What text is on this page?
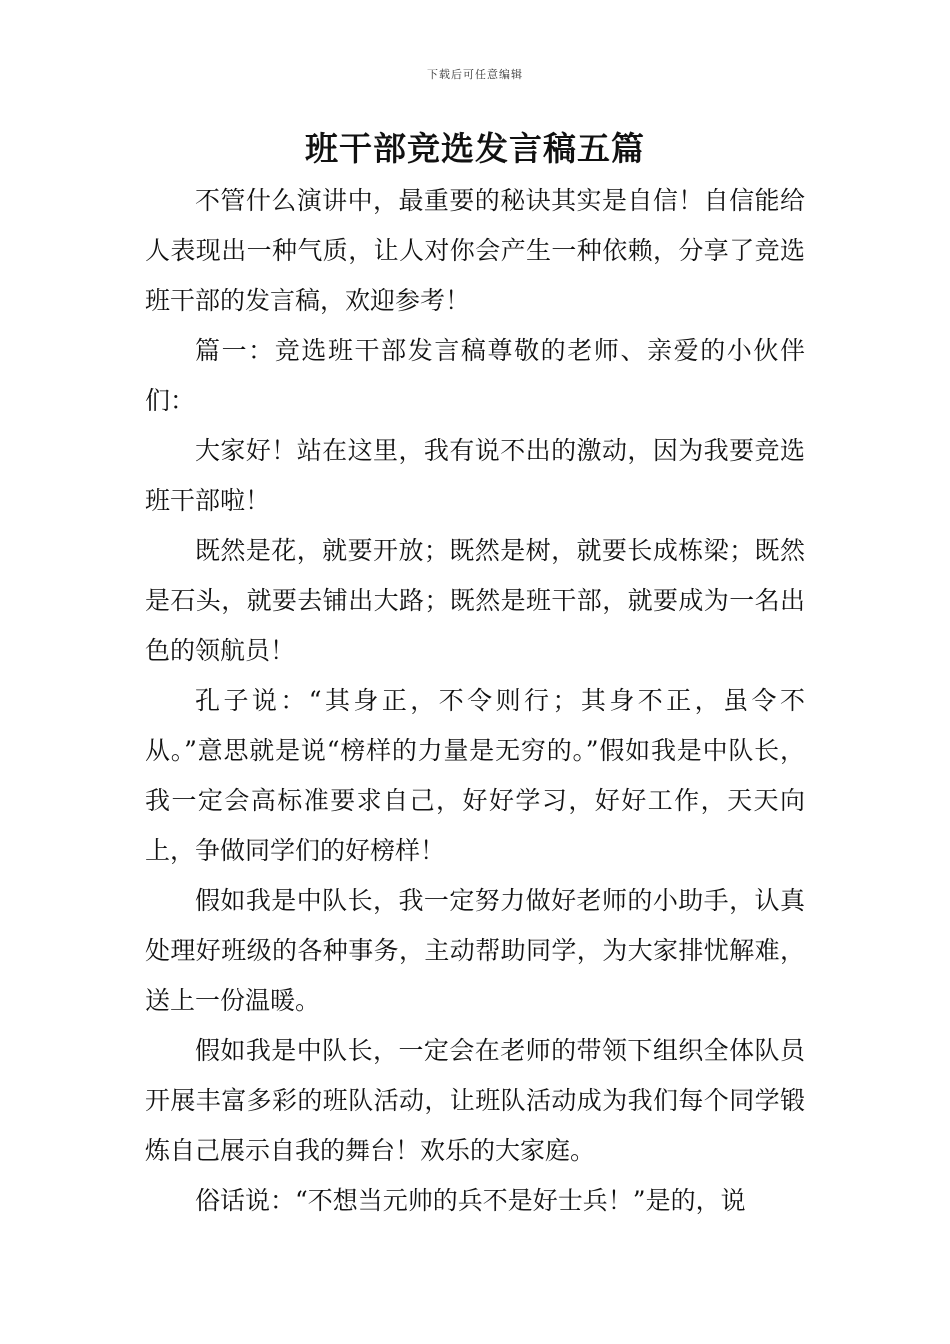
下载后可任意编辑
班干部竞选发言稿五篇

不管什么演讲中，最重要的秘诀其实是自信！自信能给人表现出一种气质，让人对你会产生一种依赖，分享了竞选班干部的发言稿，欢迎参考！

篇一：竞选班干部发言稿尊敬的老师、亲爱的小伙伴们：

大家好！站在这里，我有说不出的激动，因为我要竞选班干部啦！

既然是花，就要开放；既然是树，就要长成栋梁；既然是石头，就要去铺出大路；既然是班干部，就要成为一名出色的领航员！

孔子说：“其身正，不令则行；其身不正，虽令不从。”意思就是说“榜样的力量是无穷的。”假如我是中队长，我一定会高标准要求自己，好好学习，好好工作，天天向上，争做同学们的好榜样！

假如我是中队长，我一定努力做好老师的小助手，认真处理好班级的各种事务，主动帮助同学，为大家排忧解难，送上一份温暖。

假如我是中队长，一定会在老师的带领下组织全体队员开展丰富多彩的班队活动，让班队活动成为我们每个同学锻炼自己展示自我的舞台！欢乐的大家庭。

俗话说：“不想当元帅的兵不是好士兵！”是的，说
